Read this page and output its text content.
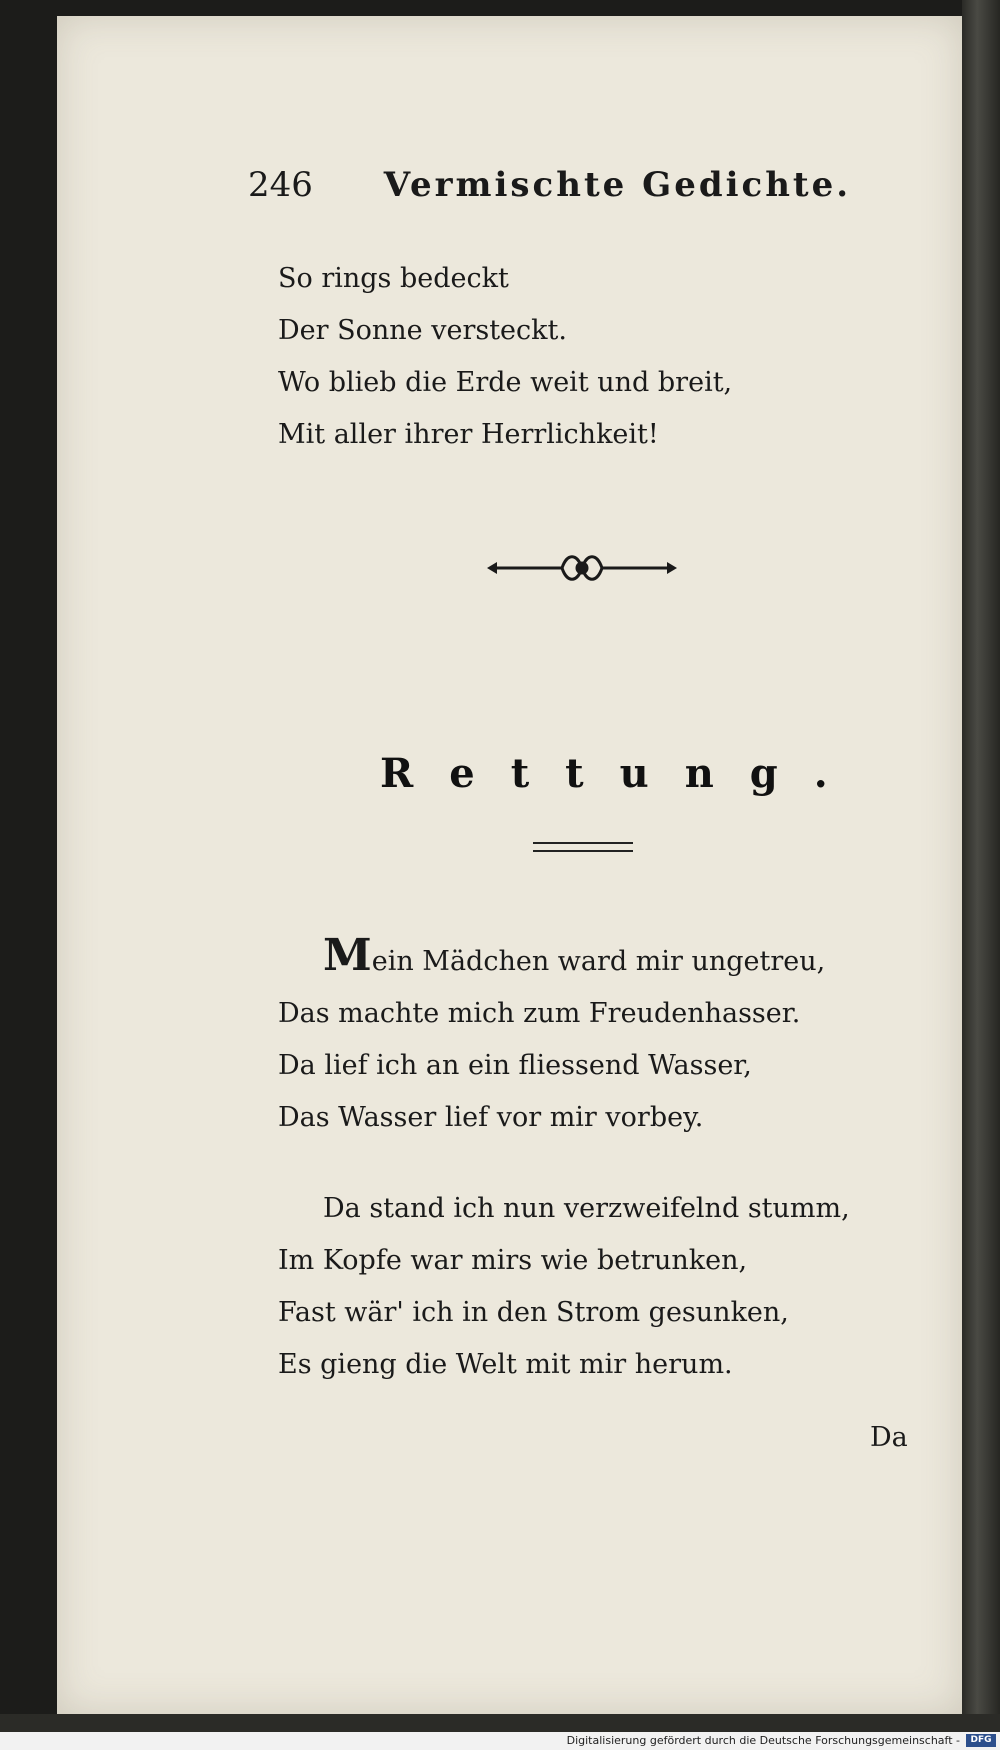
246 Vermischte Gedichte.
So rings bedeckt
Der Sonne versteckt.
Wo blieb die Erde weit und breit,
Mit aller ihrer Herrlichkeit!
Rettung.
Mein Mädchen ward mir ungetreu,
Das machte mich zum Freudenhasser.
Da lief ich an ein fliessend Wasser,
Das Wasser lief vor mir vorbey.
Da stand ich nun verzweifelnd stumm,
Im Kopfe war mirs wie betrunken,
Fast wär' ich in den Strom gesunken,
Es gieng die Welt mit mir herum.
Da
Digitalisierung gefördert durch die Deutsche Forschungsgemeinschaft -	DFG
